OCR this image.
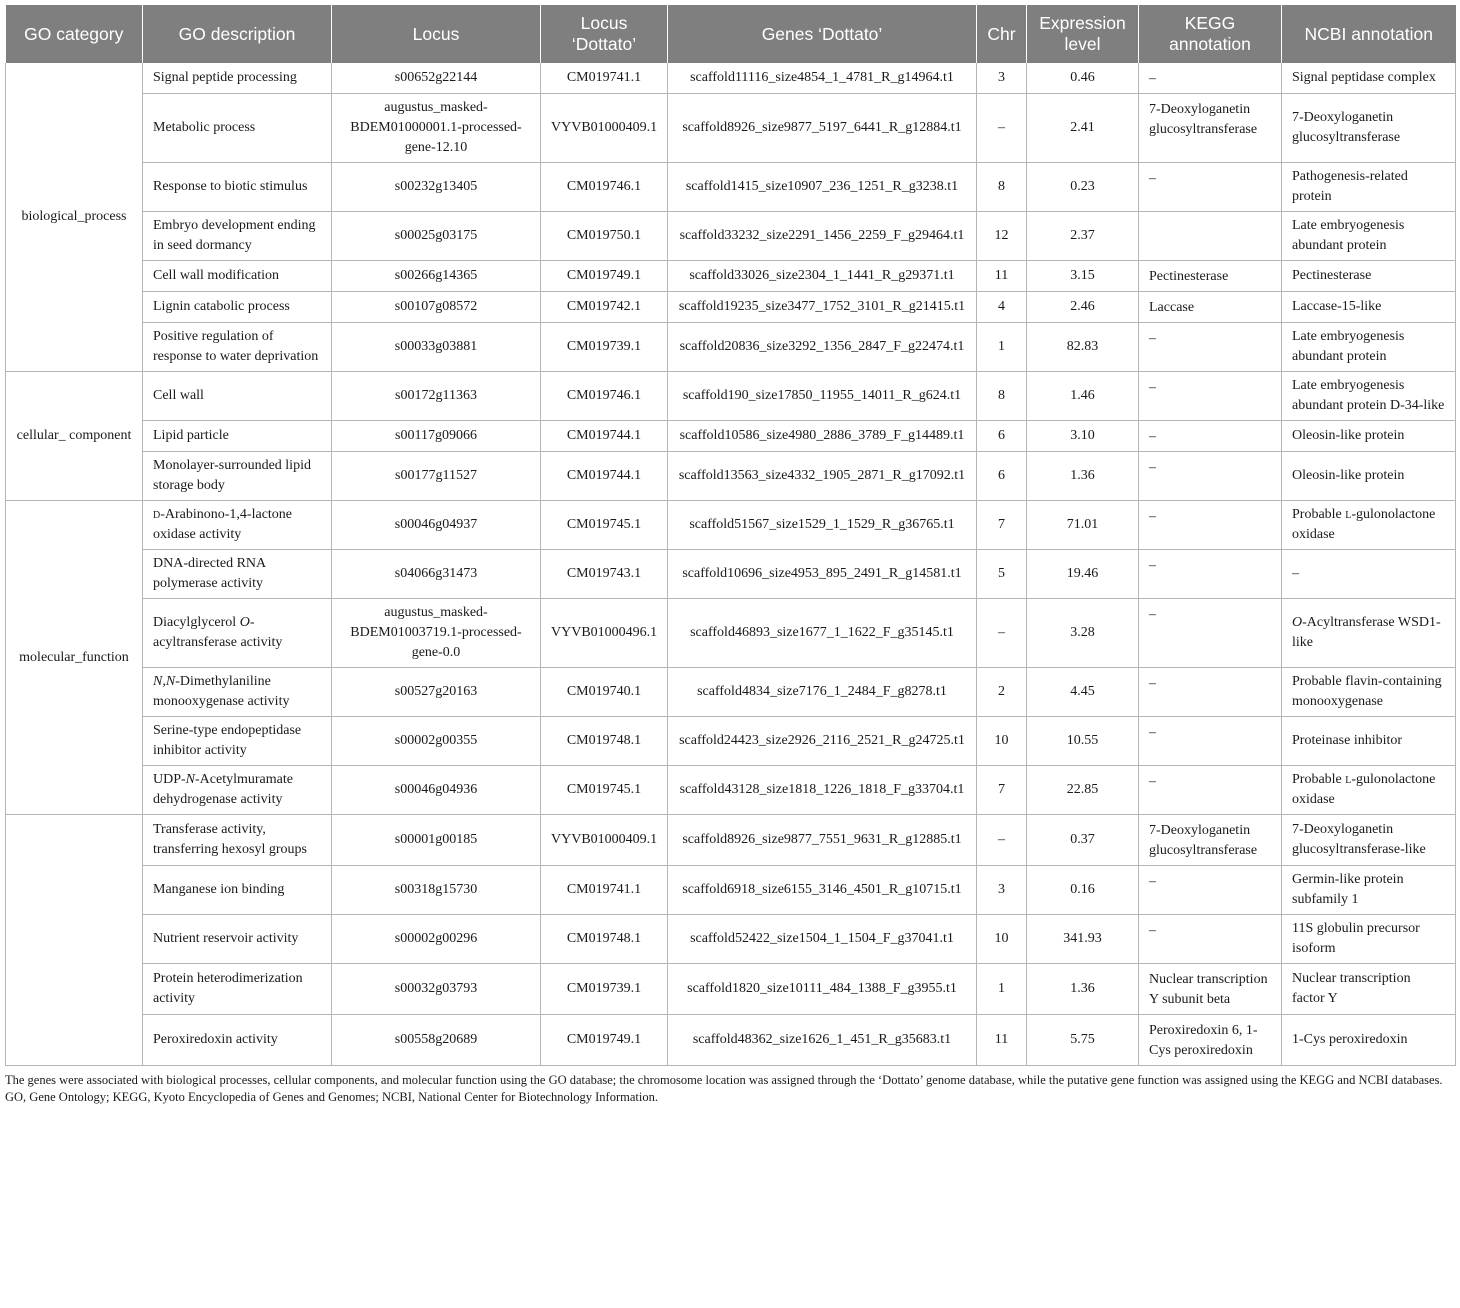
GO category	GO description	Locus	Locus ‘Dottato’	Genes ‘Dottato’	Chr	Expression level	KEGG annotation	NCBI annotation
biological_process	Signal peptide processing	s00652g22144	CM019741.1	scaffold11116_size4854_1_4781_R_g14964.t1	3	0.46	–	Signal peptidase complex
	Metabolic process	augustus_masked-BDEM01000001.1-processed-gene-12.10	VYVB01000409.1	scaffold8926_size9877_5197_6441_R_g12884.t1	–	2.41	7-Deoxyloganetin glucosyltransferase	7-Deoxyloganetin glucosyltransferase
	Response to biotic stimulus	s00232g13405	CM019746.1	scaffold1415_size10907_236_1251_R_g3238.t1	8	0.23	–	Pathogenesis-related protein
	Embryo development ending in seed dormancy	s00025g03175	CM019750.1	scaffold33232_size2291_1456_2259_F_g29464.t1	12	2.37		Late embryogenesis abundant protein
	Cell wall modification	s00266g14365	CM019749.1	scaffold33026_size2304_1_1441_R_g29371.t1	11	3.15	Pectinesterase	Pectinesterase
	Lignin catabolic process	s00107g08572	CM019742.1	scaffold19235_size3477_1752_3101_R_g21415.t1	4	2.46	Laccase	Laccase-15-like
	Positive regulation of response to water deprivation	s00033g03881	CM019739.1	scaffold20836_size3292_1356_2847_F_g22474.t1	1	82.83	–	Late embryogenesis abundant protein
cellular_ component	Cell wall	s00172g11363	CM019746.1	scaffold190_size17850_11955_14011_R_g624.t1	8	1.46	–	Late embryogenesis abundant protein D-34-like
	Lipid particle	s00117g09066	CM019744.1	scaffold10586_size4980_2886_3789_F_g14489.t1	6	3.10	–	Oleosin-like protein
	Monolayer-surrounded lipid storage body	s00177g11527	CM019744.1	scaffold13563_size4332_1905_2871_R_g17092.t1	6	1.36	–	Oleosin-like protein
molecular_function	d-Arabinono-1,4-lactone oxidase activity	s00046g04937	CM019745.1	scaffold51567_size1529_1_1529_R_g36765.t1	7	71.01	–	Probable l-gulonolactone oxidase
	DNA-directed RNA polymerase activity	s04066g31473	CM019743.1	scaffold10696_size4953_895_2491_R_g14581.t1	5	19.46	–	–
	Diacylglycerol O-acyltransferase activity	augustus_masked-BDEM01003719.1-processed-gene-0.0	VYVB01000496.1	scaffold46893_size1677_1_1622_F_g35145.t1	–	3.28	–	O-Acyltransferase WSD1-like
	N,N-Dimethylaniline monooxygenase activity	s00527g20163	CM019740.1	scaffold4834_size7176_1_2484_F_g8278.t1	2	4.45	–	Probable flavin-containing monooxygenase
	Serine-type endopeptidase inhibitor activity	s00002g00355	CM019748.1	scaffold24423_size2926_2116_2521_R_g24725.t1	10	10.55	–	Proteinase inhibitor
	UDP-N-Acetylmuramate dehydrogenase activity	s00046g04936	CM019745.1	scaffold43128_size1818_1226_1818_F_g33704.t1	7	22.85	–	Probable l-gulonolactone oxidase
	Transferase activity, transferring hexosyl groups	s00001g00185	VYVB01000409.1	scaffold8926_size9877_7551_9631_R_g12885.t1	–	0.37	7-Deoxyloganetin glucosyltransferase	7-Deoxyloganetin glucosyltransferase-like
	Manganese ion binding	s00318g15730	CM019741.1	scaffold6918_size6155_3146_4501_R_g10715.t1	3	0.16	–	Germin-like protein subfamily 1
	Nutrient reservoir activity	s00002g00296	CM019748.1	scaffold52422_size1504_1_1504_F_g37041.t1	10	341.93	–	11S globulin precursor isoform
	Protein heterodimerization activity	s00032g03793	CM019739.1	scaffold1820_size10111_484_1388_F_g3955.t1	1	1.36	Nuclear transcription Y subunit beta	Nuclear transcription factor Y
	Peroxiredoxin activity	s00558g20689	CM019749.1	scaffold48362_size1626_1_451_R_g35683.t1	11	5.75	Peroxiredoxin 6, 1-Cys peroxiredoxin	1-Cys peroxiredoxin

The genes were associated with biological processes, cellular components, and molecular function using the GO database; the chromosome location was assigned through the ‘Dottato’ genome database, while the putative gene function was assigned using the KEGG and NCBI databases.

GO, Gene Ontology; KEGG, Kyoto Encyclopedia of Genes and Genomes; NCBI, National Center for Biotechnology Information.
